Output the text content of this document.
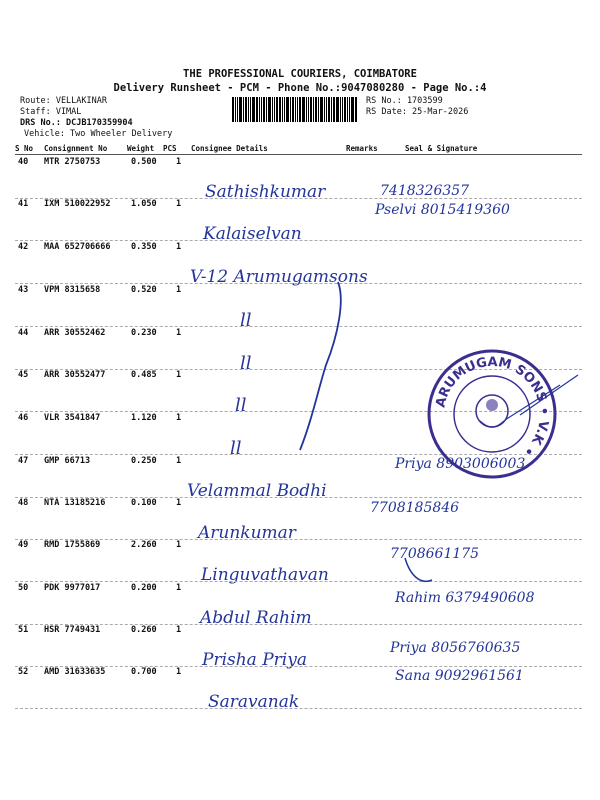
THE PROFESSIONAL COURIERS, COIMBATORE
Delivery Runsheet - PCM - Phone No.:9047080280 - Page No.:4
Route: VELLAKINAR
Staff: VIMAL
DRS No.: DCJB170359904
Vehicle: Two Wheeler Delivery
RS No.: 1703599
RS Date: 25-Mar-2026
S No Consignment No	Weight PCS Consignee Details	Remarks	Seal & Signature
40 MTR 2750753	0.500 1
Sathishkumar	7418326357
41 IXM 510022952 1.050 1
Kalaiselvan
Pselvi 8015419360
42 MAA 652706666 0.350 1
V-12 Arumugamsons
43 VPM 8315658	0.520 1
ll
44 ARR 30552462	0.230 1
ll
45 ARR 30552477	0.485 1
ll
46 VLR 3541847	1.120 1
ll
47 GMP 66713	0.250 1
Velammal Bodhi
Priya 8903006003
48 NTA 13185216	0.100 1
Arunkumar
7708185846
49 RMD 1755869	2.260 1
Linguvathavan
7708661175
50 PDK 9977017	0.200 1
Abdul Rahim
Rahim 6379490608
51 HSR 7749431	0.260 1
Prisha Priya
Priya 8056760635
52 AMD 31633635	0.700 1
Saravanak
Sana 9092961561
ARUMUGAM SONS • V.K •
